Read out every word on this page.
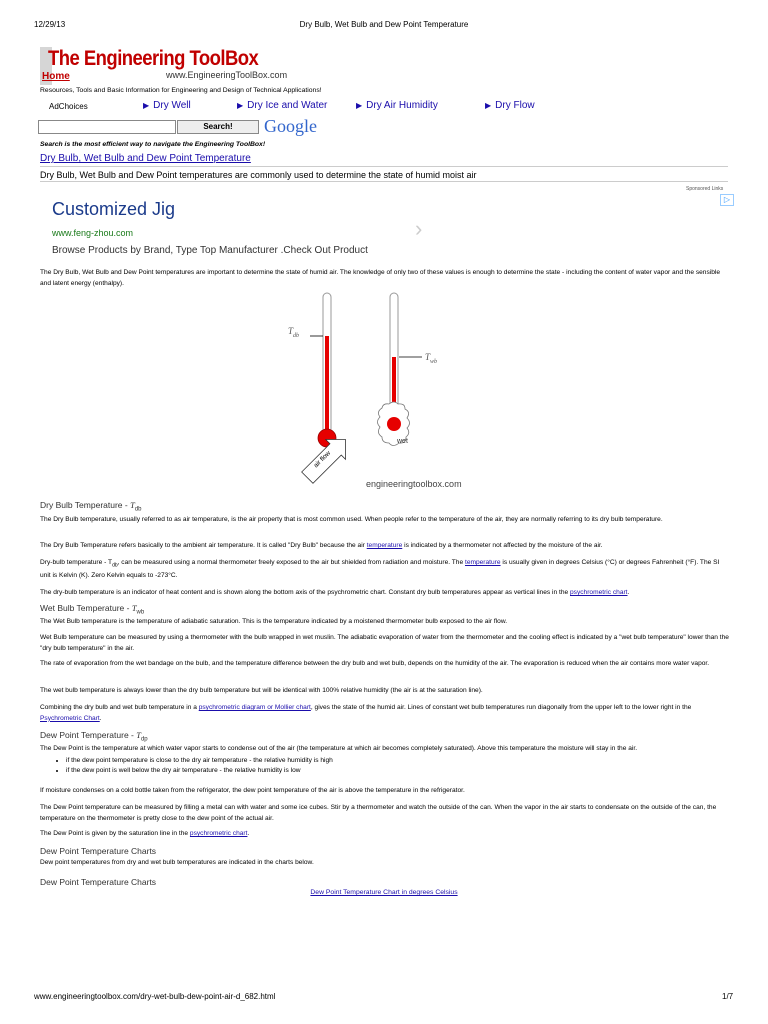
12/29/13	Dry Bulb, Wet Bulb and Dew Point Temperature
The Engineering ToolBox
Home	www.EngineeringToolBox.com
Resources, Tools and Basic Information for Engineering and Design of Technical Applications!
AdChoices	▶ Dry Well	▶ Dry Ice and Water	▶ Dry Air Humidity	▶ Dry Flow
Search!	Google
Search is the most efficient way to navigate the Engineering ToolBox!
Dry Bulb, Wet Bulb and Dew Point Temperature
Dry Bulb, Wet Bulb and Dew Point temperatures are commonly used to determine the state of humid moist air
Sponsored Links
▷
Customized Jig
›
www.feng-zhou.com
Browse Products by Brand, Type Top Manufacturer .Check Out Product

The Dry Bulb, Wet Bulb and Dew Point temperatures are important to determine the state of humid air. The knowledge of only two of these values is enough to determine the state - including the content of water vapor and the sensible and latent energy (enthalpy).

$T_{db}$
$T_{wb}$
wet
air flow
engineeringtoolbox.com
Dry Bulb Temperature - $T_{db}$

The Dry Bulb temperature, usually referred to as air temperature, is the air property that is most common used. When people refer to the temperature of the air, they are normally referring to its dry bulb temperature.

The Dry Bulb Temperature refers basically to the ambient air temperature. It is called "Dry Bulb" because the air temperature is indicated by a thermometer not affected by the moisture of the air.

Dry-bulb temperature - $T_{db}$, can be measured using a normal thermometer freely exposed to the air but shielded from radiation and moisture. The temperature is usually given in degrees Celsius (°C) or degrees Fahrenheit (°F). The SI unit is Kelvin (K). Zero Kelvin equals to -273°C.

The dry-bulb temperature is an indicator of heat content and is shown along the bottom axis of the psychrometric chart. Constant dry bulb temperatures appear as vertical lines in the psychrometric chart.

Wet Bulb Temperature - $T_{wb}$

The Wet Bulb temperature is the temperature of adiabatic saturation. This is the temperature indicated by a moistened thermometer bulb exposed to the air flow.

Wet Bulb temperature can be measured by using a thermometer with the bulb wrapped in wet muslin. The adiabatic evaporation of water from the thermometer and the cooling effect is indicated by a "wet bulb temperature" lower than the "dry bulb temperature" in the air.

The rate of evaporation from the wet bandage on the bulb, and the temperature difference between the dry bulb and wet bulb, depends on the humidity of the air. The evaporation is reduced when the air contains more water vapor.

The wet bulb temperature is always lower than the dry bulb temperature but will be identical with 100% relative humidity (the air is at the saturation line).

Combining the dry bulb and wet bulb temperature in a psychrometric diagram or Mollier chart, gives the state of the humid air. Lines of constant wet bulb temperatures run diagonally from the upper left to the lower right in the Psychrometric Chart.

Dew Point Temperature - $T_{dp}$

The Dew Point is the temperature at which water vapor starts to condense out of the air (the temperature at which air becomes completely saturated). Above this temperature the moisture will stay in the air.

• if the dew point temperature is close to the dry air temperature - the relative humidity is high
• if the dew point is well below the dry air temperature - the relative humidity is low

If moisture condenses on a cold bottle taken from the refrigerator, the dew point temperature of the air is above the temperature in the refrigerator.

The Dew Point temperature can be measured by filling a metal can with water and some ice cubes. Stir by a thermometer and watch the outside of the can. When the vapor in the air starts to condensate on the outside of the can, the temperature on the thermometer is pretty close to the dew point of the actual air.

The Dew Point is given by the saturation line in the psychrometric chart.

Dew Point Temperature Charts

Dew point temperatures from dry and wet bulb temperatures are indicated in the charts below.

Dew Point Temperature Charts
Dew Point Temperature Chart in degrees Celsius
www.engineeringtoolbox.com/dry-wet-bulb-dew-point-air-d_682.html	1/7
